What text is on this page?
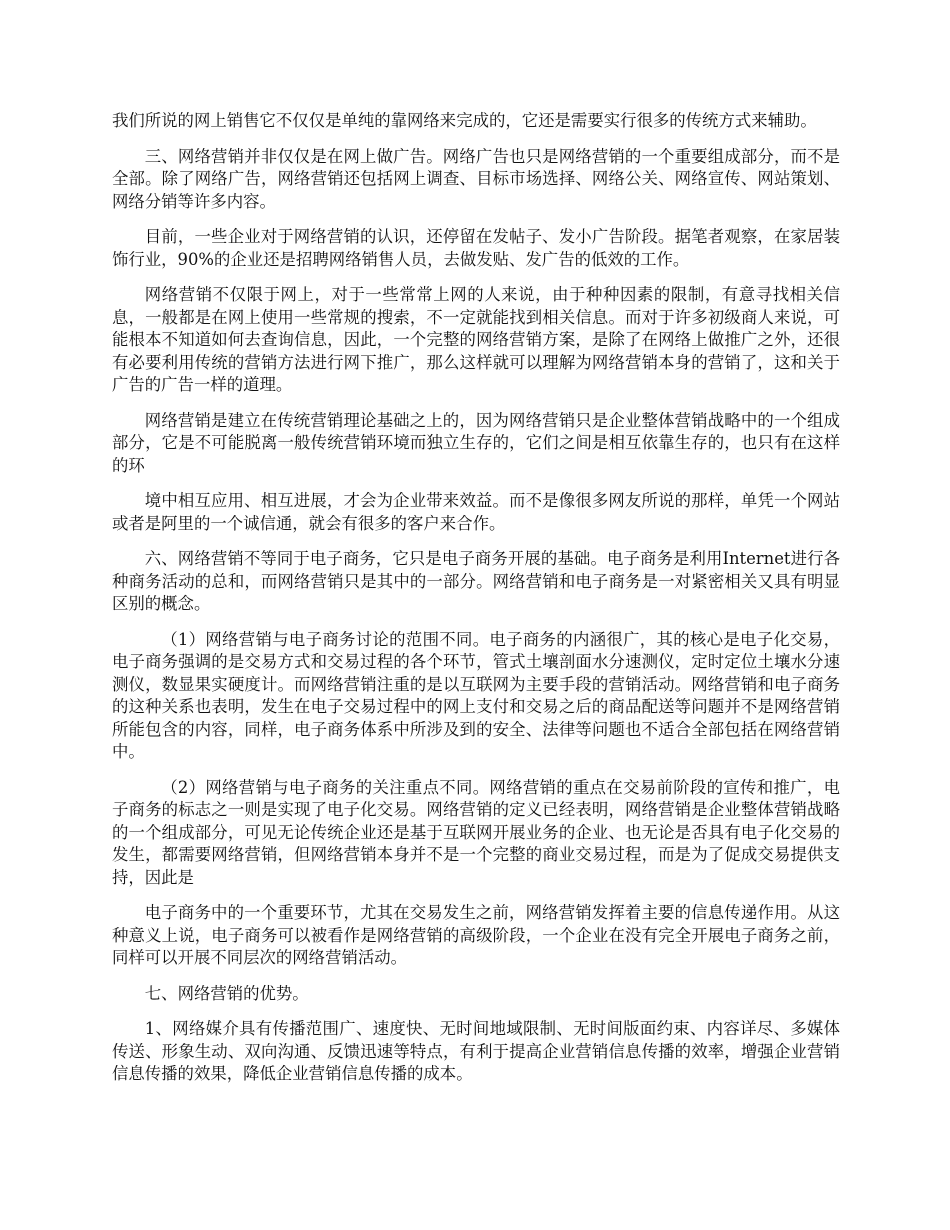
我们所说的网上销售它不仅仅是单纯的靠网络来完成的，它还是需要实行很多的传统方式来辅助。

三、网络营销并非仅仅是在网上做广告。网络广告也只是网络营销的一个重要组成部分，而不是全部。除了网络广告，网络营销还包括网上调查、目标市场选择、网络公关、网络宣传、网站策划、网络分销等许多内容。

目前，一些企业对于网络营销的认识，还停留在发帖子、发小广告阶段。据笔者观察，在家居装饰行业，90%的企业还是招聘网络销售人员，去做发贴、发广告的低效的工作。

网络营销不仅限于网上，对于一些常常上网的人来说，由于种种因素的限制，有意寻找相关信息，一般都是在网上使用一些常规的搜索，不一定就能找到相关信息。而对于许多初级商人来说，可能根本不知道如何去查询信息，因此，一个完整的网络营销方案，是除了在网络上做推广之外，还很有必要利用传统的营销方法进行网下推广，那么这样就可以理解为网络营销本身的营销了，这和关于广告的广告一样的道理。

网络营销是建立在传统营销理论基础之上的，因为网络营销只是企业整体营销战略中的一个组成部分，它是不可能脱离一般传统营销环境而独立生存的，它们之间是相互依靠生存的，也只有在这样的环

境中相互应用、相互进展，才会为企业带来效益。而不是像很多网友所说的那样，单凭一个网站或者是阿里的一个诚信通，就会有很多的客户来合作。

六、网络营销不等同于电子商务，它只是电子商务开展的基础。电子商务是利用Internet进行各种商务活动的总和，而网络营销只是其中的一部分。网络营销和电子商务是一对紧密相关又具有明显区别的概念。

（1）网络营销与电子商务讨论的范围不同。电子商务的内涵很广，其的核心是电子化交易，电子商务强调的是交易方式和交易过程的各个环节，管式土壤剖面水分速测仪，定时定位土壤水分速测仪，数显果实硬度计。而网络营销注重的是以互联网为主要手段的营销活动。网络营销和电子商务的这种关系也表明，发生在电子交易过程中的网上支付和交易之后的商品配送等问题并不是网络营销所能包含的内容，同样，电子商务体系中所涉及到的安全、法律等问题也不适合全部包括在网络营销中。

（2）网络营销与电子商务的关注重点不同。网络营销的重点在交易前阶段的宣传和推广，电子商务的标志之一则是实现了电子化交易。网络营销的定义已经表明，网络营销是企业整体营销战略的一个组成部分，可见无论传统企业还是基于互联网开展业务的企业、也无论是否具有电子化交易的发生，都需要网络营销，但网络营销本身并不是一个完整的商业交易过程，而是为了促成交易提供支持，因此是

电子商务中的一个重要环节，尤其在交易发生之前，网络营销发挥着主要的信息传递作用。从这种意义上说，电子商务可以被看作是网络营销的高级阶段，一个企业在没有完全开展电子商务之前，同样可以开展不同层次的网络营销活动。

七、网络营销的优势。

1、网络媒介具有传播范围广、速度快、无时间地域限制、无时间版面约束、内容详尽、多媒体传送、形象生动、双向沟通、反馈迅速等特点，有利于提高企业营销信息传播的效率，增强企业营销信息传播的效果，降低企业营销信息传播的成本。
